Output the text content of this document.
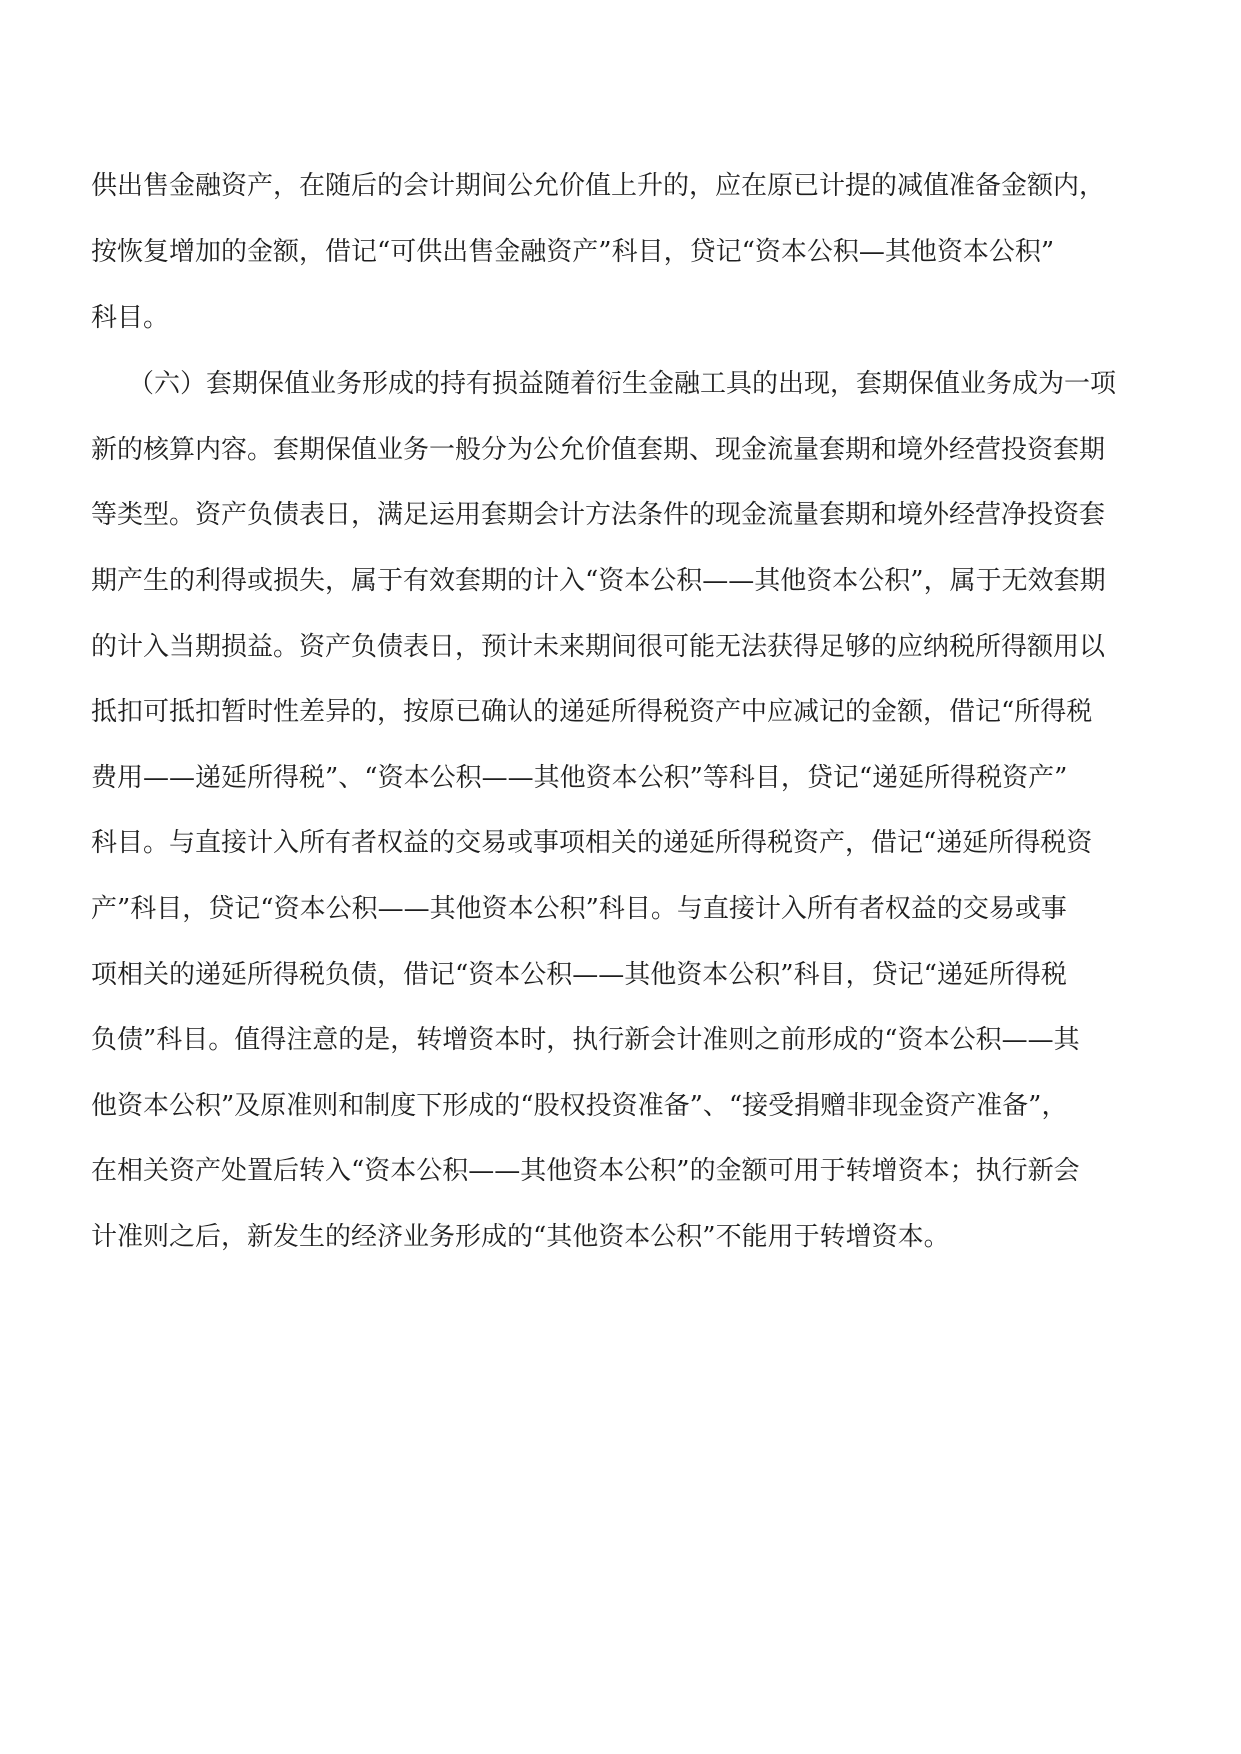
供出售金融资产，在随后的会计期间公允价值上升的，应在原已计提的减值准备金额内，

按恢复增加的金额，借记“可供出售金融资产”科目，贷记“资本公积—其他资本公积”

科目。

（六）套期保值业务形成的持有损益随着衍生金融工具的出现，套期保值业务成为一项

新的核算内容。套期保值业务一般分为公允价值套期、现金流量套期和境外经营投资套期

等类型。资产负债表日，满足运用套期会计方法条件的现金流量套期和境外经营净投资套

期产生的利得或损失，属于有效套期的计入“资本公积——其他资本公积”，属于无效套期

的计入当期损益。资产负债表日，预计未来期间很可能无法获得足够的应纳税所得额用以

抵扣可抵扣暂时性差异的，按原已确认的递延所得税资产中应减记的金额，借记“所得税

费用——递延所得税”、“资本公积——其他资本公积”等科目，贷记“递延所得税资产”

科目。与直接计入所有者权益的交易或事项相关的递延所得税资产，借记“递延所得税资

产”科目，贷记“资本公积——其他资本公积”科目。与直接计入所有者权益的交易或事

项相关的递延所得税负债，借记“资本公积——其他资本公积”科目，贷记“递延所得税

负债”科目。值得注意的是，转增资本时，执行新会计准则之前形成的“资本公积——其

他资本公积”及原准则和制度下形成的“股权投资准备”、“接受捐赠非现金资产准备”，

在相关资产处置后转入“资本公积——其他资本公积”的金额可用于转增资本；执行新会

计准则之后，新发生的经济业务形成的“其他资本公积”不能用于转增资本。
